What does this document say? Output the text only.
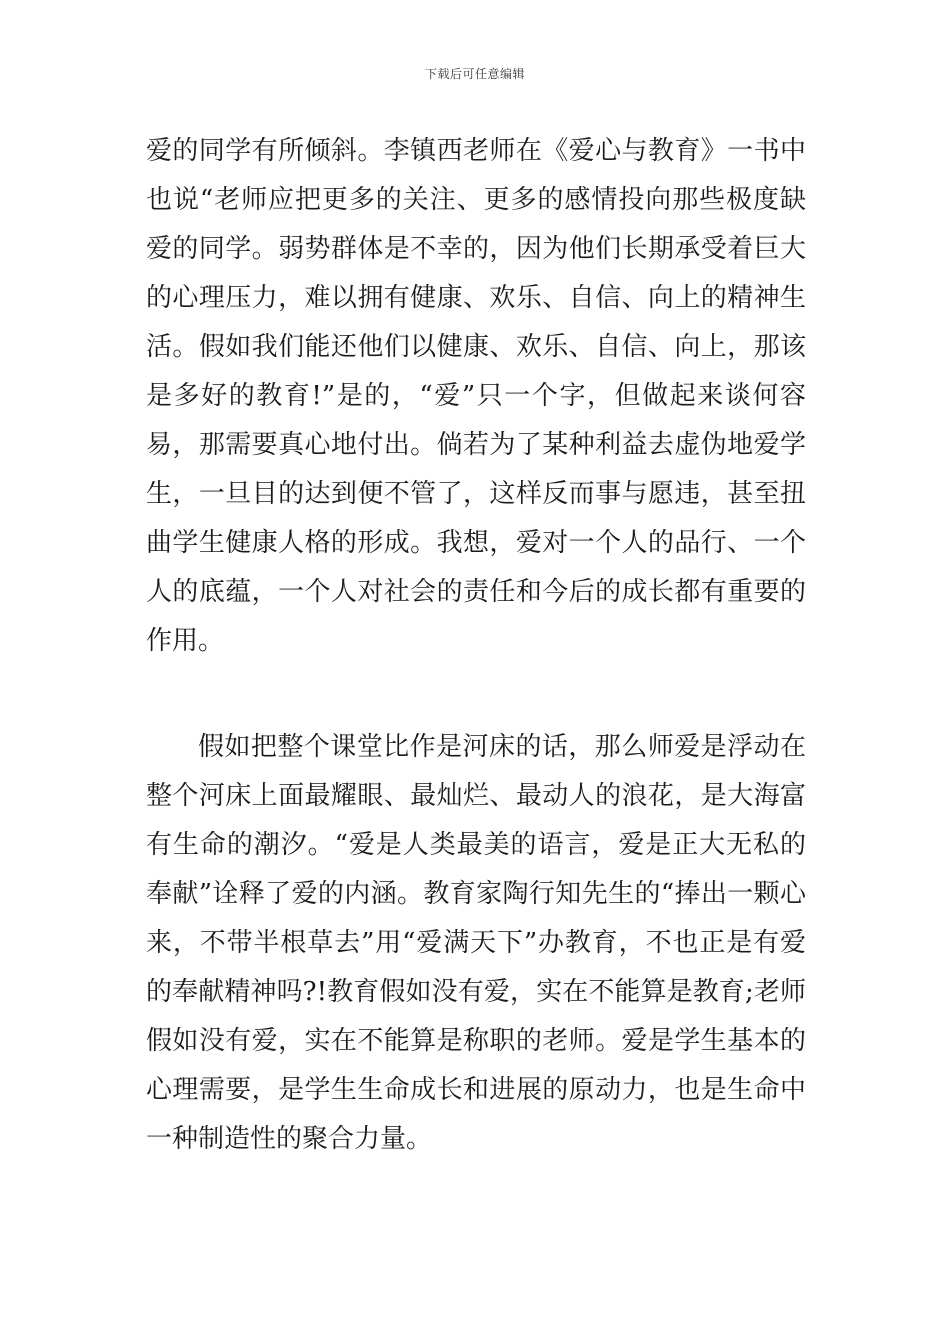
下载后可任意编辑

爱的同学有所倾斜。李镇西老师在《爱心与教育》一书中也说“老师应把更多的关注、更多的感情投向那些极度缺爱的同学。弱势群体是不幸的，因为他们长期承受着巨大的心理压力，难以拥有健康、欢乐、自信、向上的精神生活。假如我们能还他们以健康、欢乐、自信、向上，那该是多好的教育!”是的，“爱”只一个字，但做起来谈何容易，那需要真心地付出。倘若为了某种利益去虚伪地爱学生，一旦目的达到便不管了，这样反而事与愿违，甚至扭曲学生健康人格的形成。我想，爱对一个人的品行、一个人的底蕴，一个人对社会的责任和今后的成长都有重要的作用。

假如把整个课堂比作是河床的话，那么师爱是浮动在整个河床上面最耀眼、最灿烂、最动人的浪花，是大海富有生命的潮汐。“爱是人类最美的语言，爱是正大无私的奉献”诠释了爱的内涵。教育家陶行知先生的“捧出一颗心来，不带半根草去”用“爱满天下”办教育，不也正是有爱的奉献精神吗?!教育假如没有爱，实在不能算是教育;老师假如没有爱，实在不能算是称职的老师。爱是学生基本的心理需要，是学生生命成长和进展的原动力，也是生命中一种制造性的聚合力量。
